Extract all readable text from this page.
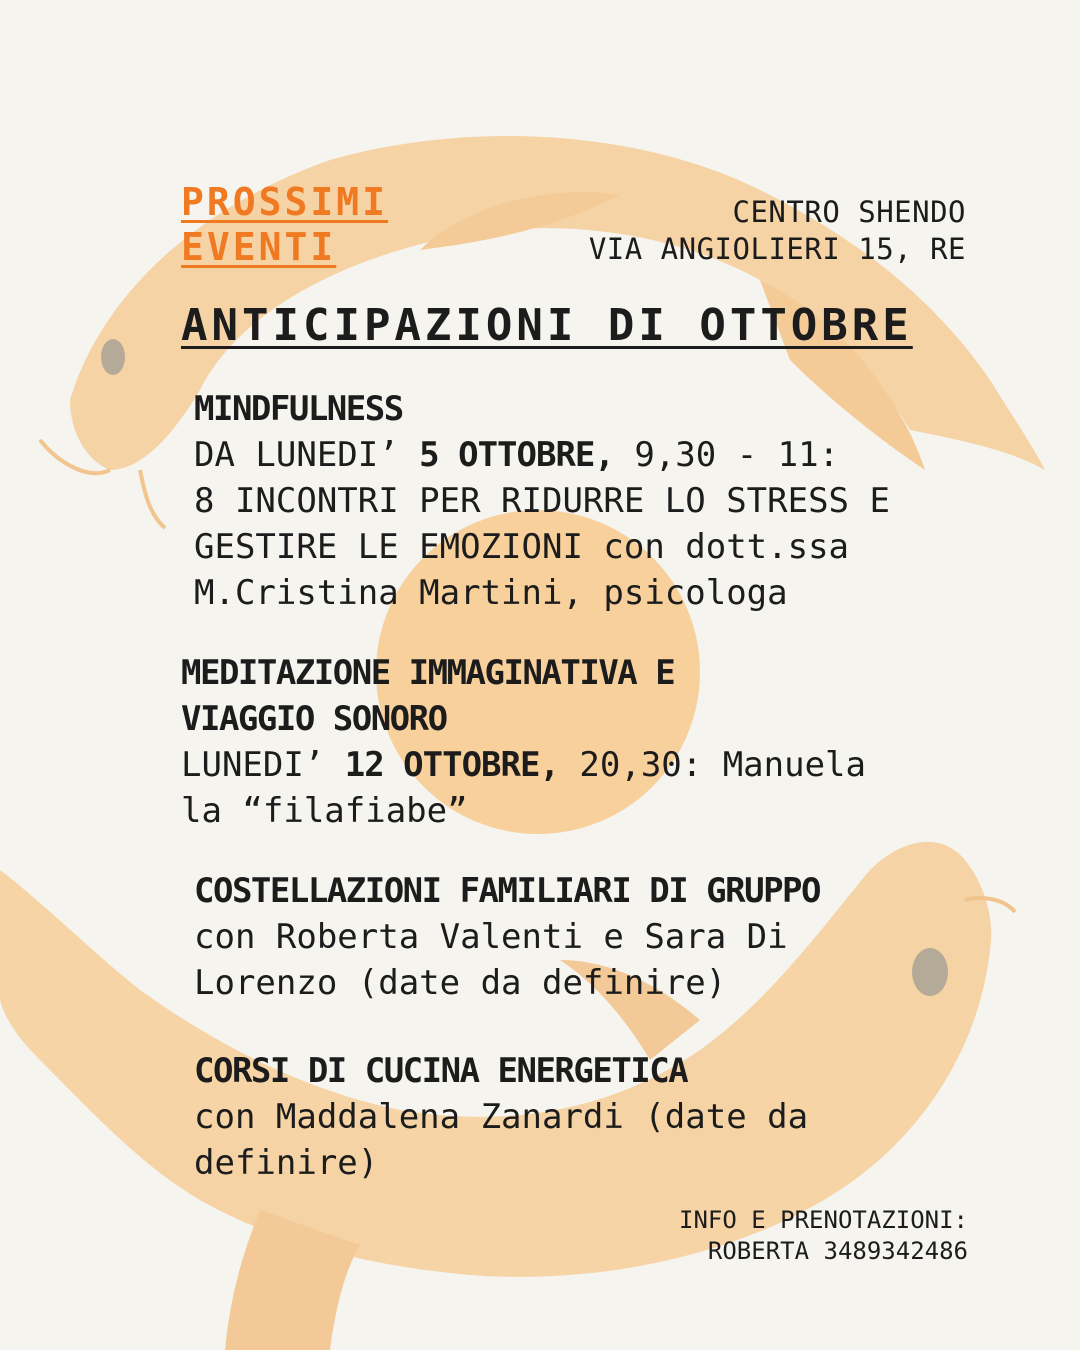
PROSSIMI
EVENTI
CENTRO SHENDO
VIA ANGIOLIERI 15, RE
ANTICIPAZIONI DI OTTOBRE
MINDFULNESS
DA LUNEDI’ 5 OTTOBRE, 9,30 - 11:
8 INCONTRI PER RIDURRE LO STRESS E
GESTIRE LE EMOZIONI con dott.ssa
M.Cristina Martini, psicologa
MEDITAZIONE IMMAGINATIVA E
VIAGGIO SONORO
LUNEDI’ 12 OTTOBRE, 20,30: Manuela
la “filafiabe”
COSTELLAZIONI FAMILIARI DI GRUPPO
con Roberta Valenti e Sara Di
Lorenzo (date da definire)
CORSI DI CUCINA ENERGETICA
con Maddalena Zanardi (date da
definire)
INFO E PRENOTAZIONI:
ROBERTA 3489342486
